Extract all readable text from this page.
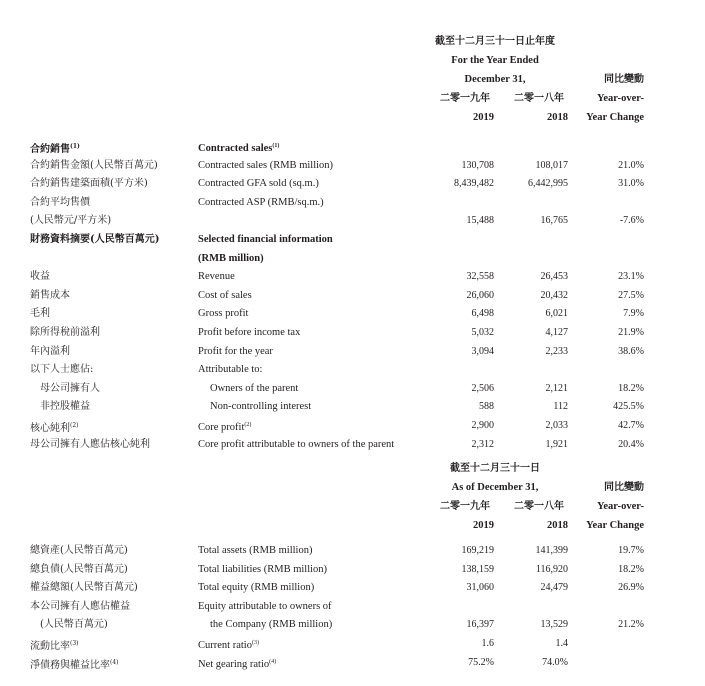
截至十二月三十一日止年度
For the Year Ended
December 31,	同比變動
二零一九年	二零一八年	Year-over-
2019	2018	Year Change
合約銷售$^{(1)}$	Contracted sales$^{(1)}$
合約銷售金額(人民幣百萬元)	Contracted sales (RMB million)	130,708	108,017	21.0%
合約銷售建築面積(平方米)	Contracted GFA sold (sq.m.)	8,439,482	6,442,995	31.0%
合約平均售價	Contracted ASP (RMB/sq.m.)
(人民幣元/平方米)	15,488	16,765	-7.6%
財務資料摘要(人民幣百萬元)	Selected financial information
(RMB million)
收益	Revenue	32,558	26,453	23.1%
銷售成本	Cost of sales	26,060	20,432	27.5%
毛利	Gross profit	6,498	6,021	7.9%
除所得稅前溢利	Profit before income tax	5,032	4,127	21.9%
年內溢利	Profit for the year	3,094	2,233	38.6%
以下人士應佔:	Attributable to:
母公司擁有人	Owners of the parent	2,506	2,121	18.2%
非控股權益	Non-controlling interest	588	112	425.5%
核心純利$^{(2)}$	Core profit$^{(2)}$	2,900	2,033	42.7%
母公司擁有人應佔核心純利	Core profit attributable to owners of the parent	2,312	1,921	20.4%
截至十二月三十一日
As of December 31,	同比變動
二零一九年	二零一八年	Year-over-
2019	2018	Year Change
總資產(人民幣百萬元)	Total assets (RMB million)	169,219	141,399	19.7%
總負債(人民幣百萬元)	Total liabilities (RMB million)	138,159	116,920	18.2%
權益總額(人民幣百萬元)	Total equity (RMB million)	31,060	24,479	26.9%
本公司擁有人應佔權益	Equity attributable to owners of
(人民幣百萬元)	the Company (RMB million)	16,397	13,529	21.2%
流動比率$^{(3)}$	Current ratio$^{(3)}$	1.6	1.4
淨債務與權益比率$^{(4)}$	Net gearing ratio$^{(4)}$	75.2%	74.0%
